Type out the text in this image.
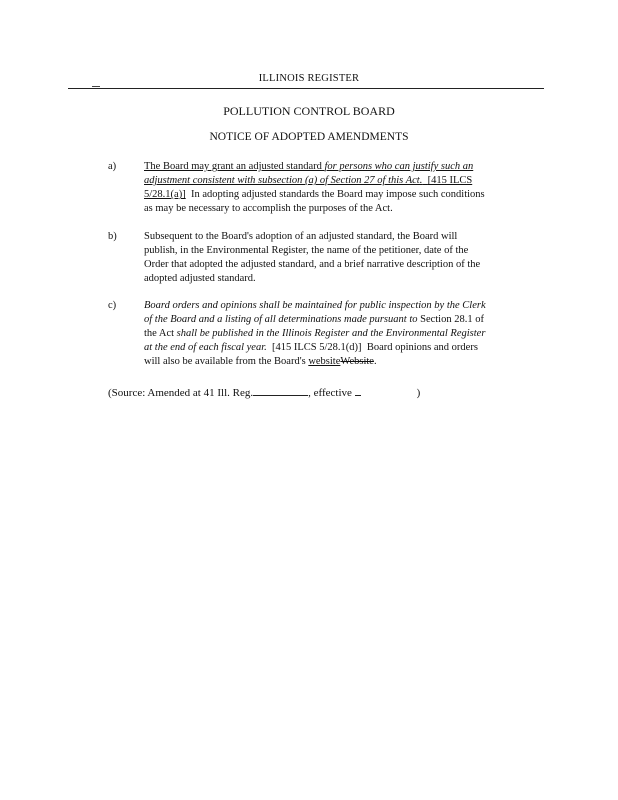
ILLINOIS REGISTER
POLLUTION CONTROL BOARD
NOTICE OF ADOPTED AMENDMENTS
a)	The Board may grant an adjusted standard for persons who can justify such an
adjustment consistent with subsection (a) of Section 27 of this Act. [415 ILCS
5/28.1(a)] In adopting adjusted standards the Board may impose such conditions
as may be necessary to accomplish the purposes of the Act.
b)	Subsequent to the Board's adoption of an adjusted standard, the Board will
publish, in the Environmental Register, the name of the petitioner, date of the
Order that adopted the adjusted standard, and a brief narrative description of the
adopted adjusted standard.
c)	Board orders and opinions shall be maintained for public inspection by the Clerk
of the Board and a listing of all determinations made pursuant to Section 28.1 of
the Act shall be published in the Illinois Register and the Environmental Register
at the end of each fiscal year. [415 ILCS 5/28.1(d)] Board opinions and orders
will also be available from the Board's websiteWebsite.
(Source: Amended at 41 Ill. Reg.	, effective	)
